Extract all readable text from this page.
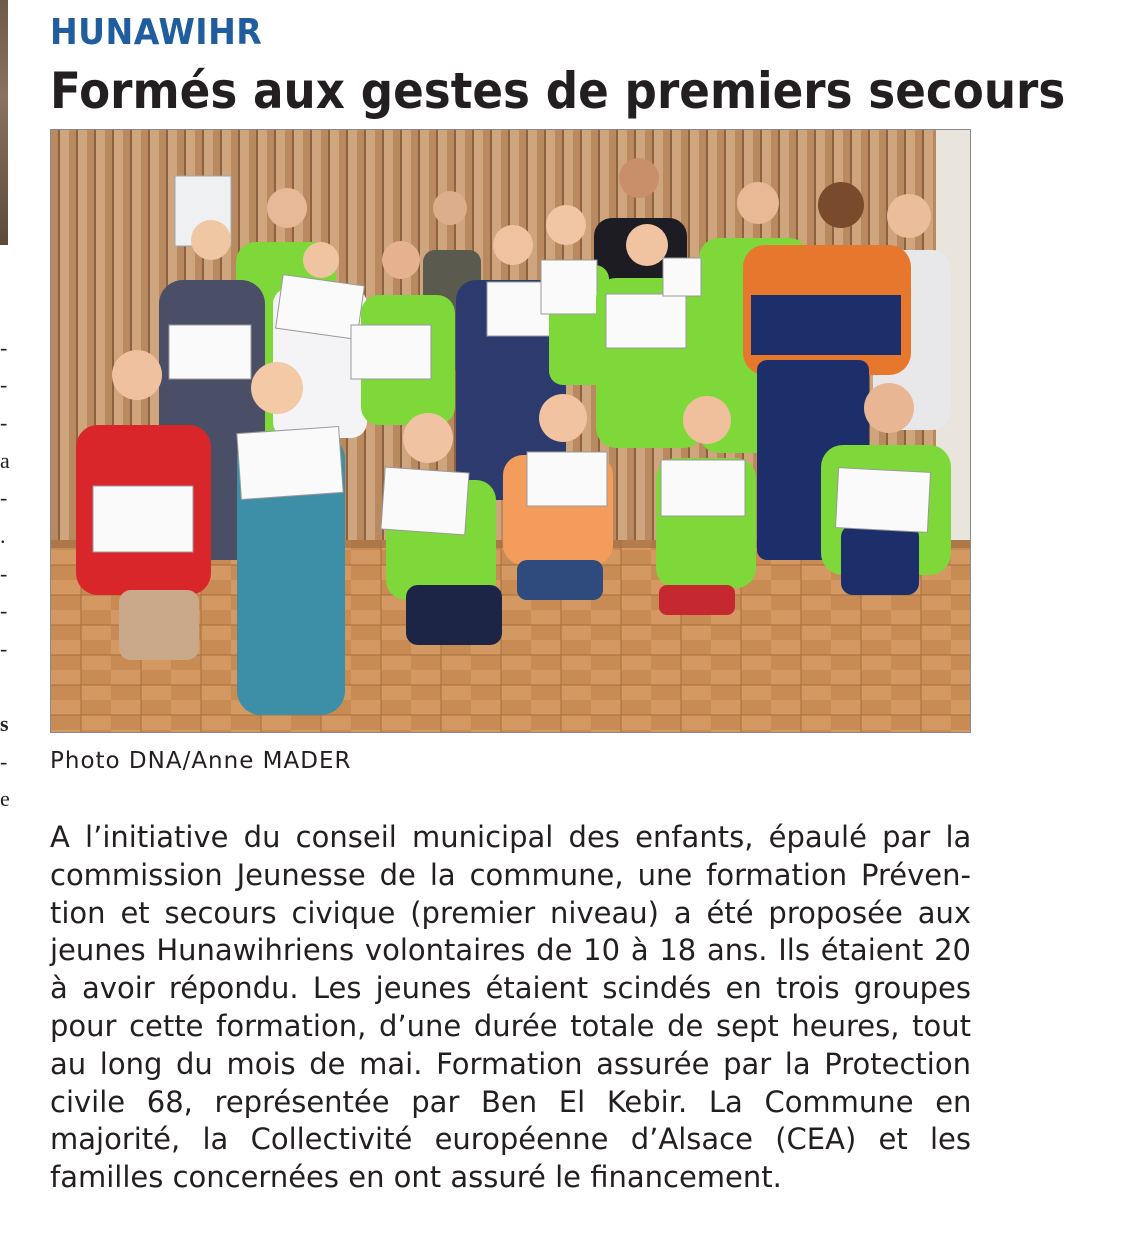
-
-
-
a
-
.
-
-
-
s
-
e
HUNAWIHR
Formés aux gestes de premiers secours
Photo DNA/Anne MADER
A l’initiative du conseil municipal des enfants, épaulé par la
commission Jeunesse de la commune, une formation Préven-
tion et secours civique (premier niveau) a été proposée aux
jeunes Hunawihriens volontaires de 10 à 18 ans. Ils étaient 20
à avoir répondu. Les jeunes étaient scindés en trois groupes
pour cette formation, d’une durée totale de sept heures, tout
au long du mois de mai. Formation assurée par la Protection
civile 68, représentée par Ben El Kebir. La Commune en
majorité, la Collectivité européenne d’Alsace (CEA) et les
familles concernées en ont assuré le financement.
